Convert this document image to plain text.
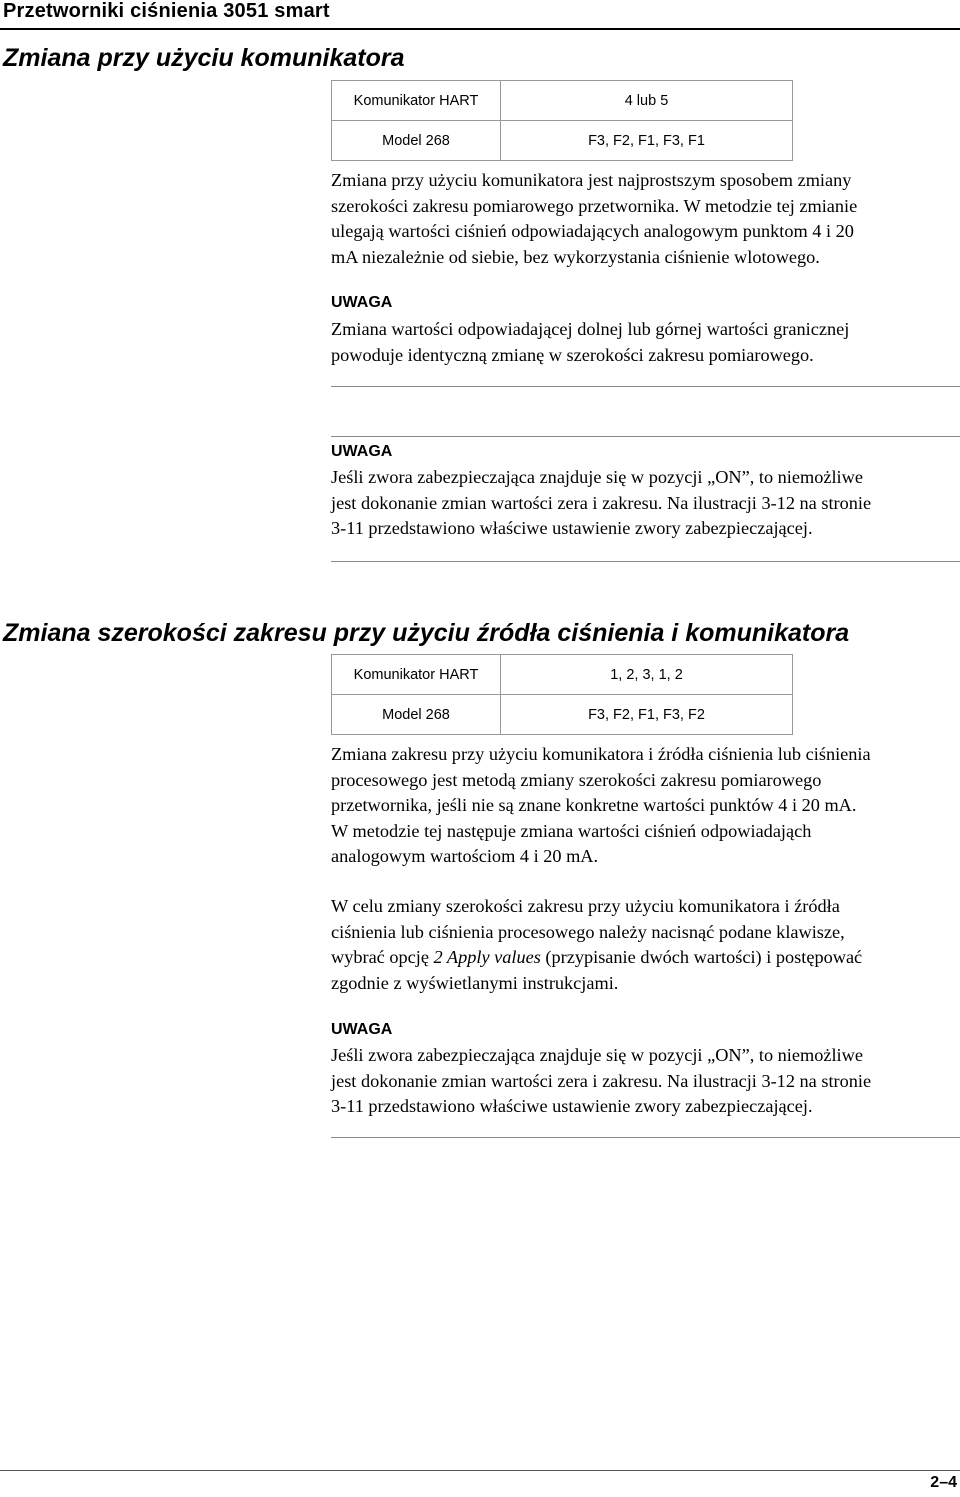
Przetworniki ciśnienia 3051 smart
Zmiana przy użyciu komunikatora
Komunikator HART	4 lub 5
Model 268	F3, F2, F1, F3, F1

Zmiana przy użyciu komunikatora jest najprostszym sposobem zmiany

szerokości zakresu pomiarowego przetwornika. W metodzie tej zmianie

ulegają wartości ciśnień odpowiadających analogowym punktom 4 i 20

mA niezależnie od siebie, bez wykorzystania ciśnienie wlotowego.

UWAGA

Zmiana wartości odpowiadającej dolnej lub górnej wartości granicznej

powoduje identyczną zmianę w szerokości zakresu pomiarowego.

UWAGA

Jeśli zwora zabezpieczająca znajduje się w pozycji „ON”, to niemożliwe

jest dokonanie zmian wartości zera i zakresu. Na ilustracji 3-12 na stronie

3-11 przedstawiono właściwe ustawienie zwory zabezpieczającej.

Zmiana szerokości zakresu przy użyciu źródła ciśnienia i komunikatora
Komunikator HART	1, 2, 3, 1, 2
Model 268	F3, F2, F1, F3, F2

Zmiana zakresu przy użyciu komunikatora i źródła ciśnienia lub ciśnienia

procesowego jest metodą zmiany szerokości zakresu pomiarowego

przetwornika, jeśli nie są znane konkretne wartości punktów 4 i 20 mA.

W metodzie tej następuje zmiana wartości ciśnień odpowiadająch

analogowym wartościom 4 i 20 mA.

W celu zmiany szerokości zakresu przy użyciu komunikatora i źródła

ciśnienia lub ciśnienia procesowego należy nacisnąć podane klawisze,

wybrać opcję 2 Apply values (przypisanie dwóch wartości) i postępować

zgodnie z wyświetlanymi instrukcjami.

UWAGA

Jeśli zwora zabezpieczająca znajduje się w pozycji „ON”, to niemożliwe

jest dokonanie zmian wartości zera i zakresu. Na ilustracji 3-12 na stronie

3-11 przedstawiono właściwe ustawienie zwory zabezpieczającej.

2–4
